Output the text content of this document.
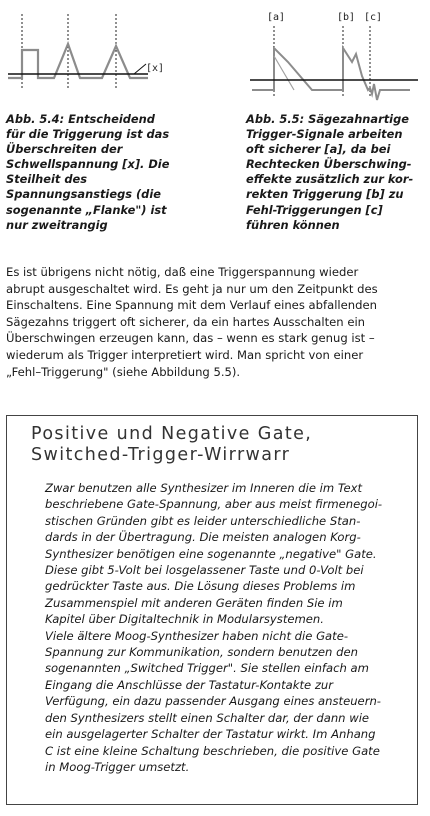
[x]
[a]	[b] [c]

Abb. 5.4: Entscheidend

für die Triggerung ist das

Überschreiten der

Schwellspannung [x]. Die

Steilheit des

Spannungsanstiegs (die

sogenannte „Flanke") ist

nur zweitrangig

Abb. 5.5: Sägezahnartige

Trigger-Signale arbeiten

oft sicherer [a], da bei

Rechtecken Überschwing-

effekte zusätzlich zur kor-

rekten Triggerung [b] zu

Fehl-Triggerungen [c]

führen können

Es ist übrigens nicht nötig, daß eine Triggerspannung wieder

abrupt ausgeschaltet wird. Es geht ja nur um den Zeitpunkt des

Einschaltens. Eine Spannung mit dem Verlauf eines abfallenden

Sägezahns triggert oft sicherer, da ein hartes Ausschalten ein

Überschwingen erzeugen kann, das – wenn es stark genug ist –

wiederum als Trigger interpretiert wird. Man spricht von einer

„Fehl–Triggerung" (siehe Abbildung 5.5).

Positive und Negative Gate,
Switched-Trigger-Wirrwarr

Zwar benutzen alle Synthesizer im Inneren die im Text

beschriebene Gate-Spannung, aber aus meist firmenegoi-

stischen Gründen gibt es leider unterschiedliche Stan-

dards in der Übertragung. Die meisten analogen Korg-

Synthesizer benötigen eine sogenannte „negative" Gate.

Diese gibt 5-Volt bei losgelassener Taste und 0-Volt bei

gedrückter Taste aus. Die Lösung dieses Problems im

Zusammenspiel mit anderen Geräten finden Sie im

Kapitel über Digitaltechnik in Modularsystemen.

Viele ältere Moog-Synthesizer haben nicht die Gate-

Spannung zur Kommunikation, sondern benutzen den

sogenannten „Switched Trigger". Sie stellen einfach am

Eingang die Anschlüsse der Tastatur-Kontakte zur

Verfügung, ein dazu passender Ausgang eines ansteuern-

den Synthesizers stellt einen Schalter dar, der dann wie

ein ausgelagerter Schalter der Tastatur wirkt. Im Anhang

C ist eine kleine Schaltung beschrieben, die positive Gate

in Moog-Trigger umsetzt.
